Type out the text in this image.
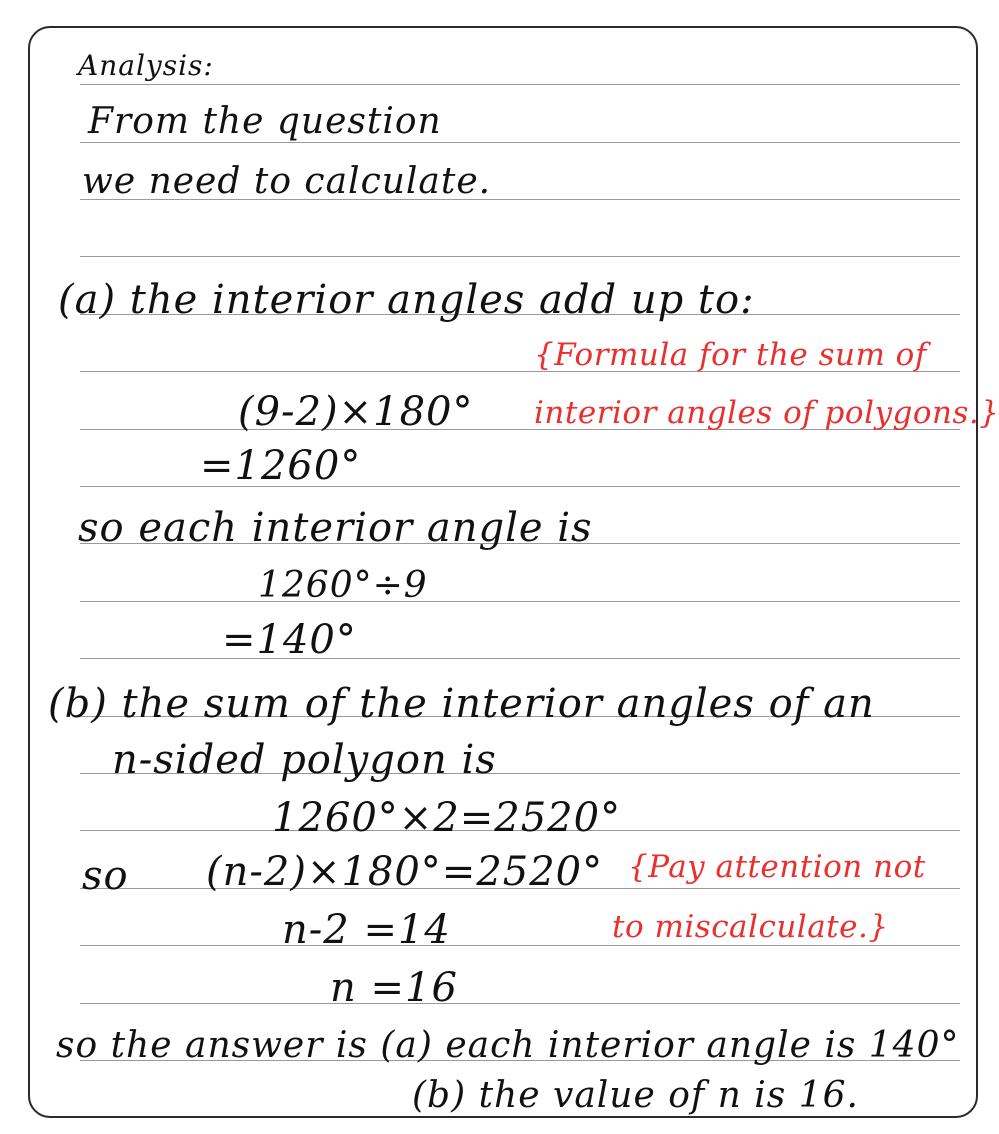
Analysis:
From the question
we need to calculate.
(a) the interior angles add up to:
(9-2)×180°
=1260°
so each interior angle is
1260°÷9
=140°
(b) the sum of the interior angles of an
n-sided polygon is
1260°×2=2520°
so (n-2)×180°=2520°
n-2 =14
n =16
so the answer is (a) each interior angle is 140°
(b) the value of n is 16.
{Formula for the sum of
interior angles of polygons.}
{Pay attention not
to miscalculate.}
